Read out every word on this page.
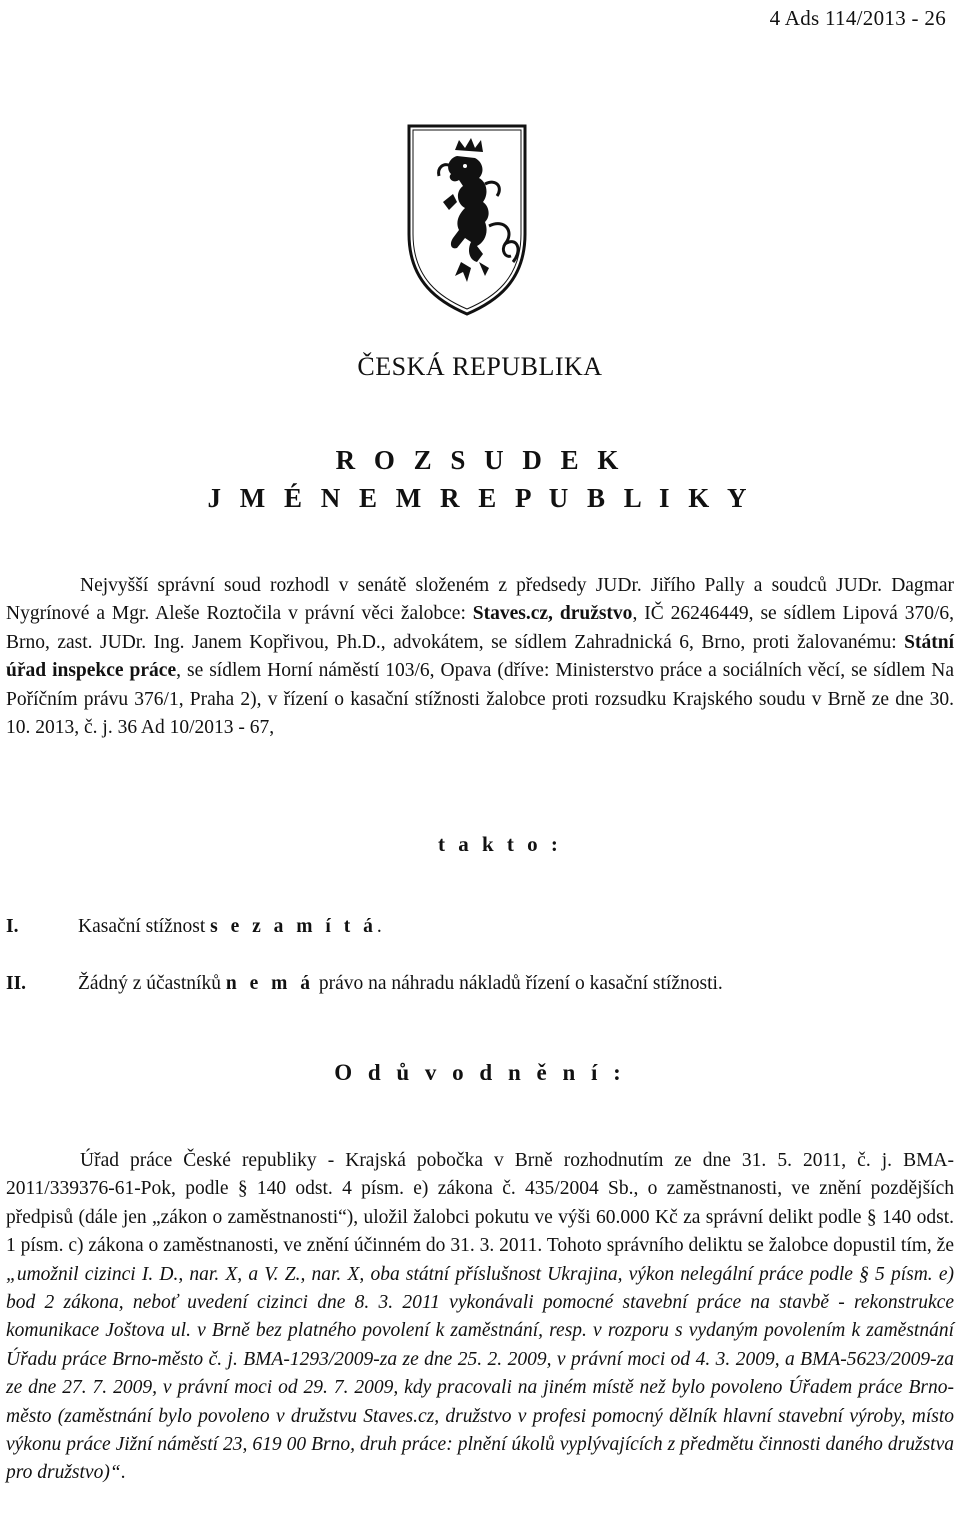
4 Ads 114/2013 - 26
ČESKÁ REPUBLIKA
R O Z S U D E K
J M É N E M R E P U B L I K Y
Nejvyšší správní soud rozhodl v senátě složeném z předsedy JUDr. Jiřího Pally a soudců JUDr. Dagmar Nygrínové a Mgr. Aleše Roztočila v právní věci žalobce: Staves.cz, družstvo, IČ 26246449, se sídlem Lipová 370/6, Brno, zast. JUDr. Ing. Janem Kopřivou, Ph.D., advokátem, se sídlem Zahradnická 6, Brno, proti žalovanému: Státní úřad inspekce práce, se sídlem Horní náměstí 103/6, Opava (dříve: Ministerstvo práce a sociálních věcí, se sídlem Na Poříčním právu 376/1, Praha 2), v řízení o kasační stížnosti žalobce proti rozsudku Krajského soudu v Brně ze dne 30. 10. 2013, č. j. 36 Ad 10/2013 - 67,
t a k t o :
I.	Kasační stížnost s e z a m í t á.
II.	Žádný z účastníků n e m á právo na náhradu nákladů řízení o kasační stížnosti.
O d ů v o d n ě n í :
Úřad práce České republiky - Krajská pobočka v Brně rozhodnutím ze dne 31. 5. 2011, č. j. BMA-2011/339376-61-Pok, podle § 140 odst. 4 písm. e) zákona č. 435/2004 Sb., o zaměstnanosti, ve znění pozdějších předpisů (dále jen „zákon o zaměstnanosti“), uložil žalobci pokutu ve výši 60.000 Kč za správní delikt podle § 140 odst. 1 písm. c) zákona o zaměstnanosti, ve znění účinném do 31. 3. 2011. Tohoto správního deliktu se žalobce dopustil tím, že „umožnil cizinci I. D., nar. X, a V. Z., nar. X, oba státní příslušnost Ukrajina, výkon nelegální práce podle § 5 písm. e) bod 2 zákona, neboť uvedení cizinci dne 8. 3. 2011 vykonávali pomocné stavební práce na stavbě - rekonstrukce komunikace Joštova ul. v Brně bez platného povolení k zaměstnání, resp. v rozporu s vydaným povolením k zaměstnání Úřadu práce Brno-město č. j. BMA-1293/2009-za ze dne 25. 2. 2009, v právní moci od 4. 3. 2009, a BMA-5623/2009-za ze dne 27. 7. 2009, v právní moci od 29. 7. 2009, kdy pracovali na jiném místě než bylo povoleno Úřadem práce Brno-město (zaměstnání bylo povoleno v družstvu Staves.cz, družstvo v profesi pomocný dělník hlavní stavební výroby, místo výkonu práce Jižní náměstí 23, 619 00 Brno, druh práce: plnění úkolů vyplývajících z předmětu činnosti daného družstva pro družstvo)“.
